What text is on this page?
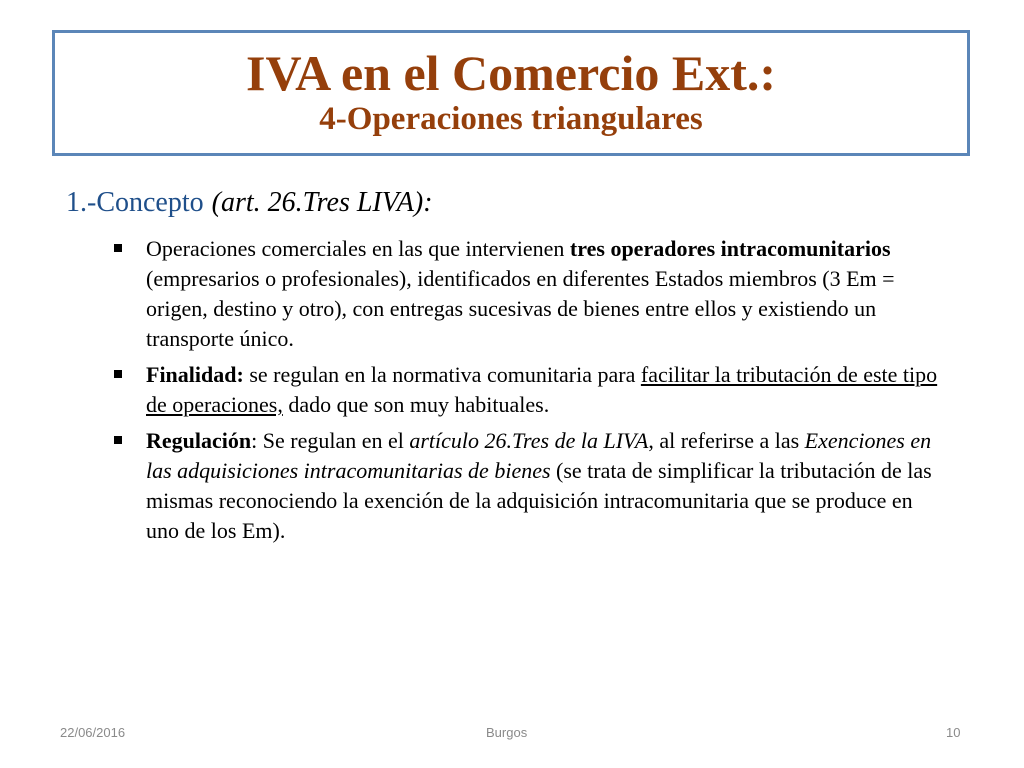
IVA en el Comercio Ext.:
4-Operaciones triangulares
1.-Concepto (art. 26.Tres LIVA):
Operaciones comerciales en las que intervienen tres operadores intracomunitarios (empresarios o profesionales), identificados en diferentes Estados miembros (3 Em = origen, destino y otro), con entregas sucesivas de bienes entre ellos y existiendo un transporte único.
Finalidad: se regulan en la normativa comunitaria para facilitar la tributación de este tipo de operaciones, dado que son muy habituales.
Regulación: Se regulan en el artículo 26.Tres de la LIVA, al referirse a las Exenciones en las adquisiciones intracomunitarias de bienes (se trata de simplificar la tributación de las mismas reconociendo la exención de la adquisición intracomunitaria que se produce en uno de los Em).
22/06/2016	Burgos	10
